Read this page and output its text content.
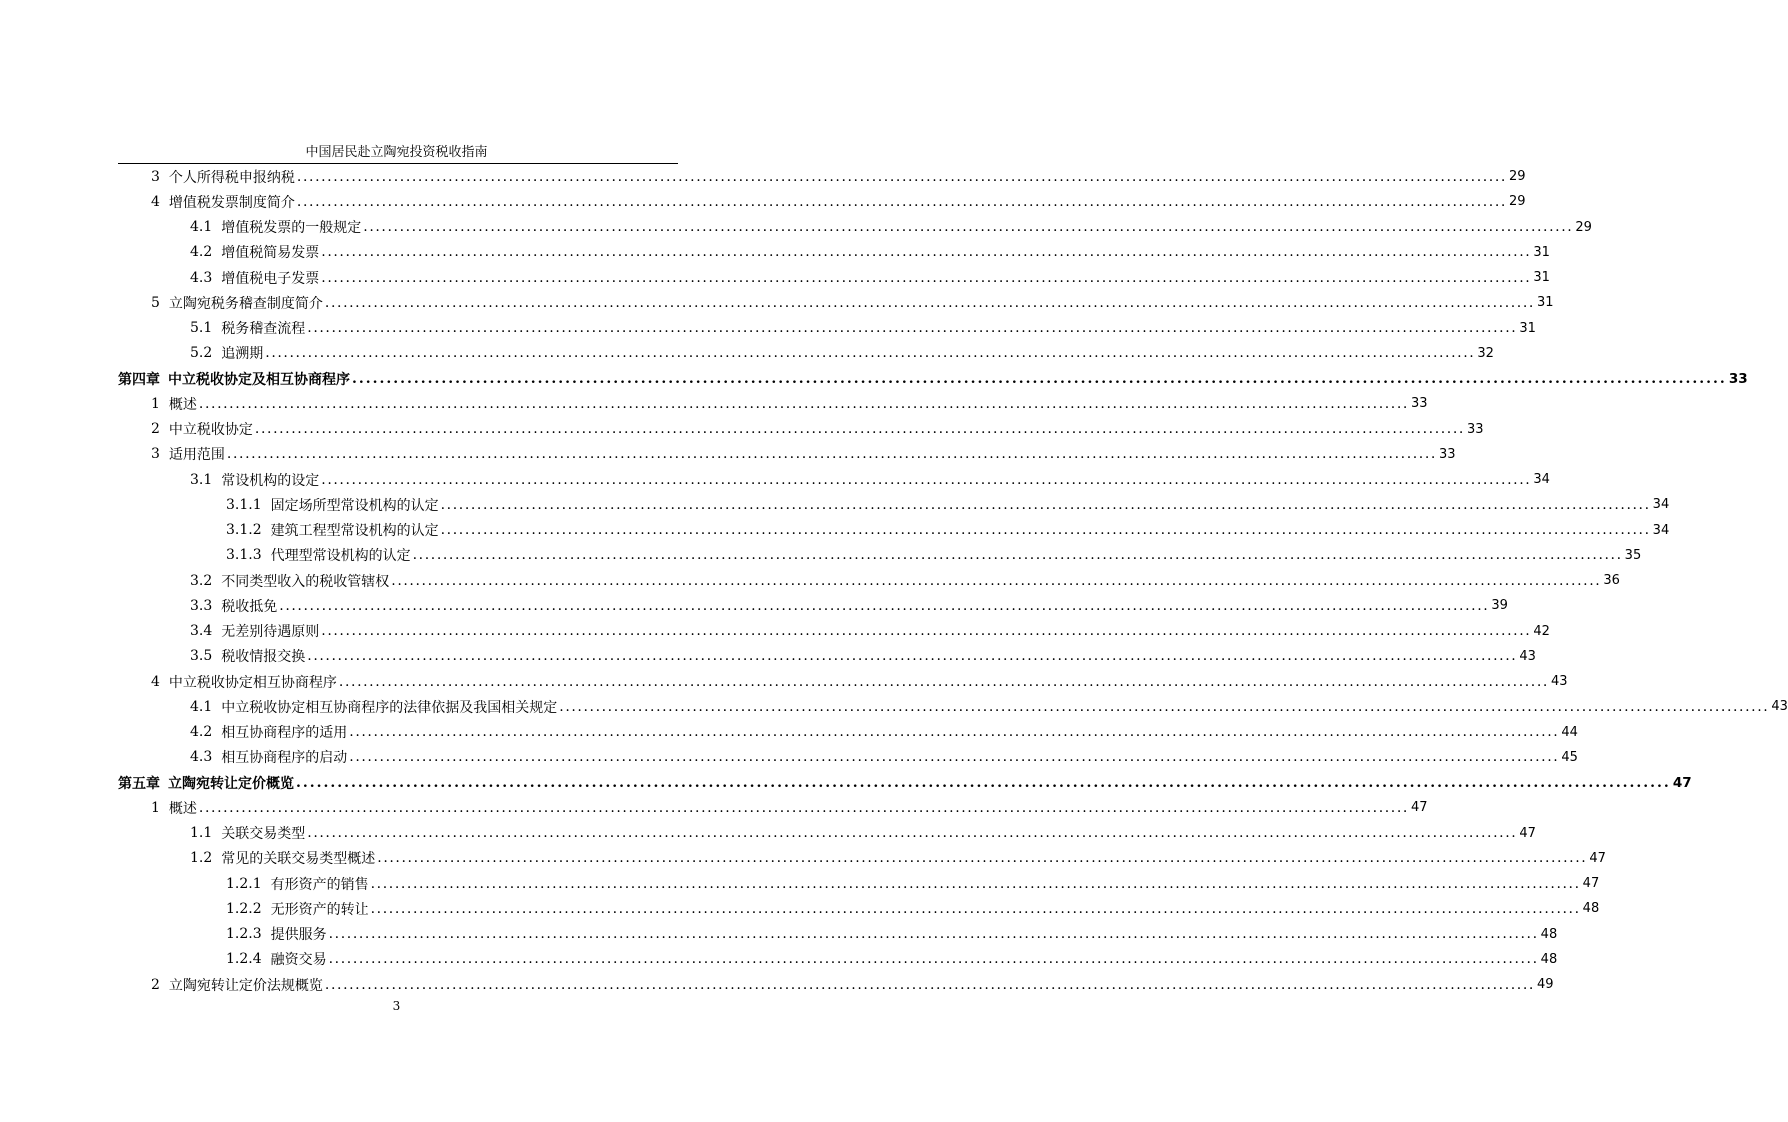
中国居民赴立陶宛投资税收指南
3 个人所得税申报纳税 ........................................................................................................................................................................................................ 29
4 增值税发票制度简介 ........................................................................................................................................................................................................ 29
4.1 增值税发票的一般规定 ........................................................................................................................................................................................................ 29
4.2 增值税简易发票 ........................................................................................................................................................................................................ 31
4.3 增值税电子发票 ........................................................................................................................................................................................................ 31
5 立陶宛税务稽查制度简介 ........................................................................................................................................................................................................ 31
5.1 税务稽查流程 ........................................................................................................................................................................................................ 31
5.2 追溯期 ........................................................................................................................................................................................................ 32
第四章 中立税收协定及相互协商程序 ........................................................................................................................................................................................................ 33
1 概述 ........................................................................................................................................................................................................ 33
2 中立税收协定 ........................................................................................................................................................................................................ 33
3 适用范围 ........................................................................................................................................................................................................ 33
3.1 常设机构的设定 ........................................................................................................................................................................................................ 34
3.1.1 固定场所型常设机构的认定 ........................................................................................................................................................................................................ 34
3.1.2 建筑工程型常设机构的认定 ........................................................................................................................................................................................................ 34
3.1.3 代理型常设机构的认定 ........................................................................................................................................................................................................ 35
3.2 不同类型收入的税收管辖权 ........................................................................................................................................................................................................ 36
3.3 税收抵免 ........................................................................................................................................................................................................ 39
3.4 无差别待遇原则 ........................................................................................................................................................................................................ 42
3.5 税收情报交换 ........................................................................................................................................................................................................ 43
4 中立税收协定相互协商程序 ........................................................................................................................................................................................................ 43
4.1 中立税收协定相互协商程序的法律依据及我国相关规定 ........................................................................................................................................................................................................ 43
4.2 相互协商程序的适用 ........................................................................................................................................................................................................ 44
4.3 相互协商程序的启动 ........................................................................................................................................................................................................ 45
第五章 立陶宛转让定价概览 ........................................................................................................................................................................................................ 47
1 概述 ........................................................................................................................................................................................................ 47
1.1 关联交易类型 ........................................................................................................................................................................................................ 47
1.2 常见的关联交易类型概述 ........................................................................................................................................................................................................ 47
1.2.1 有形资产的销售 ........................................................................................................................................................................................................ 47
1.2.2 无形资产的转让 ........................................................................................................................................................................................................ 48
1.2.3 提供服务 ........................................................................................................................................................................................................ 48
1.2.4 融资交易 ........................................................................................................................................................................................................ 48
2 立陶宛转让定价法规概览 ........................................................................................................................................................................................................ 49
3
